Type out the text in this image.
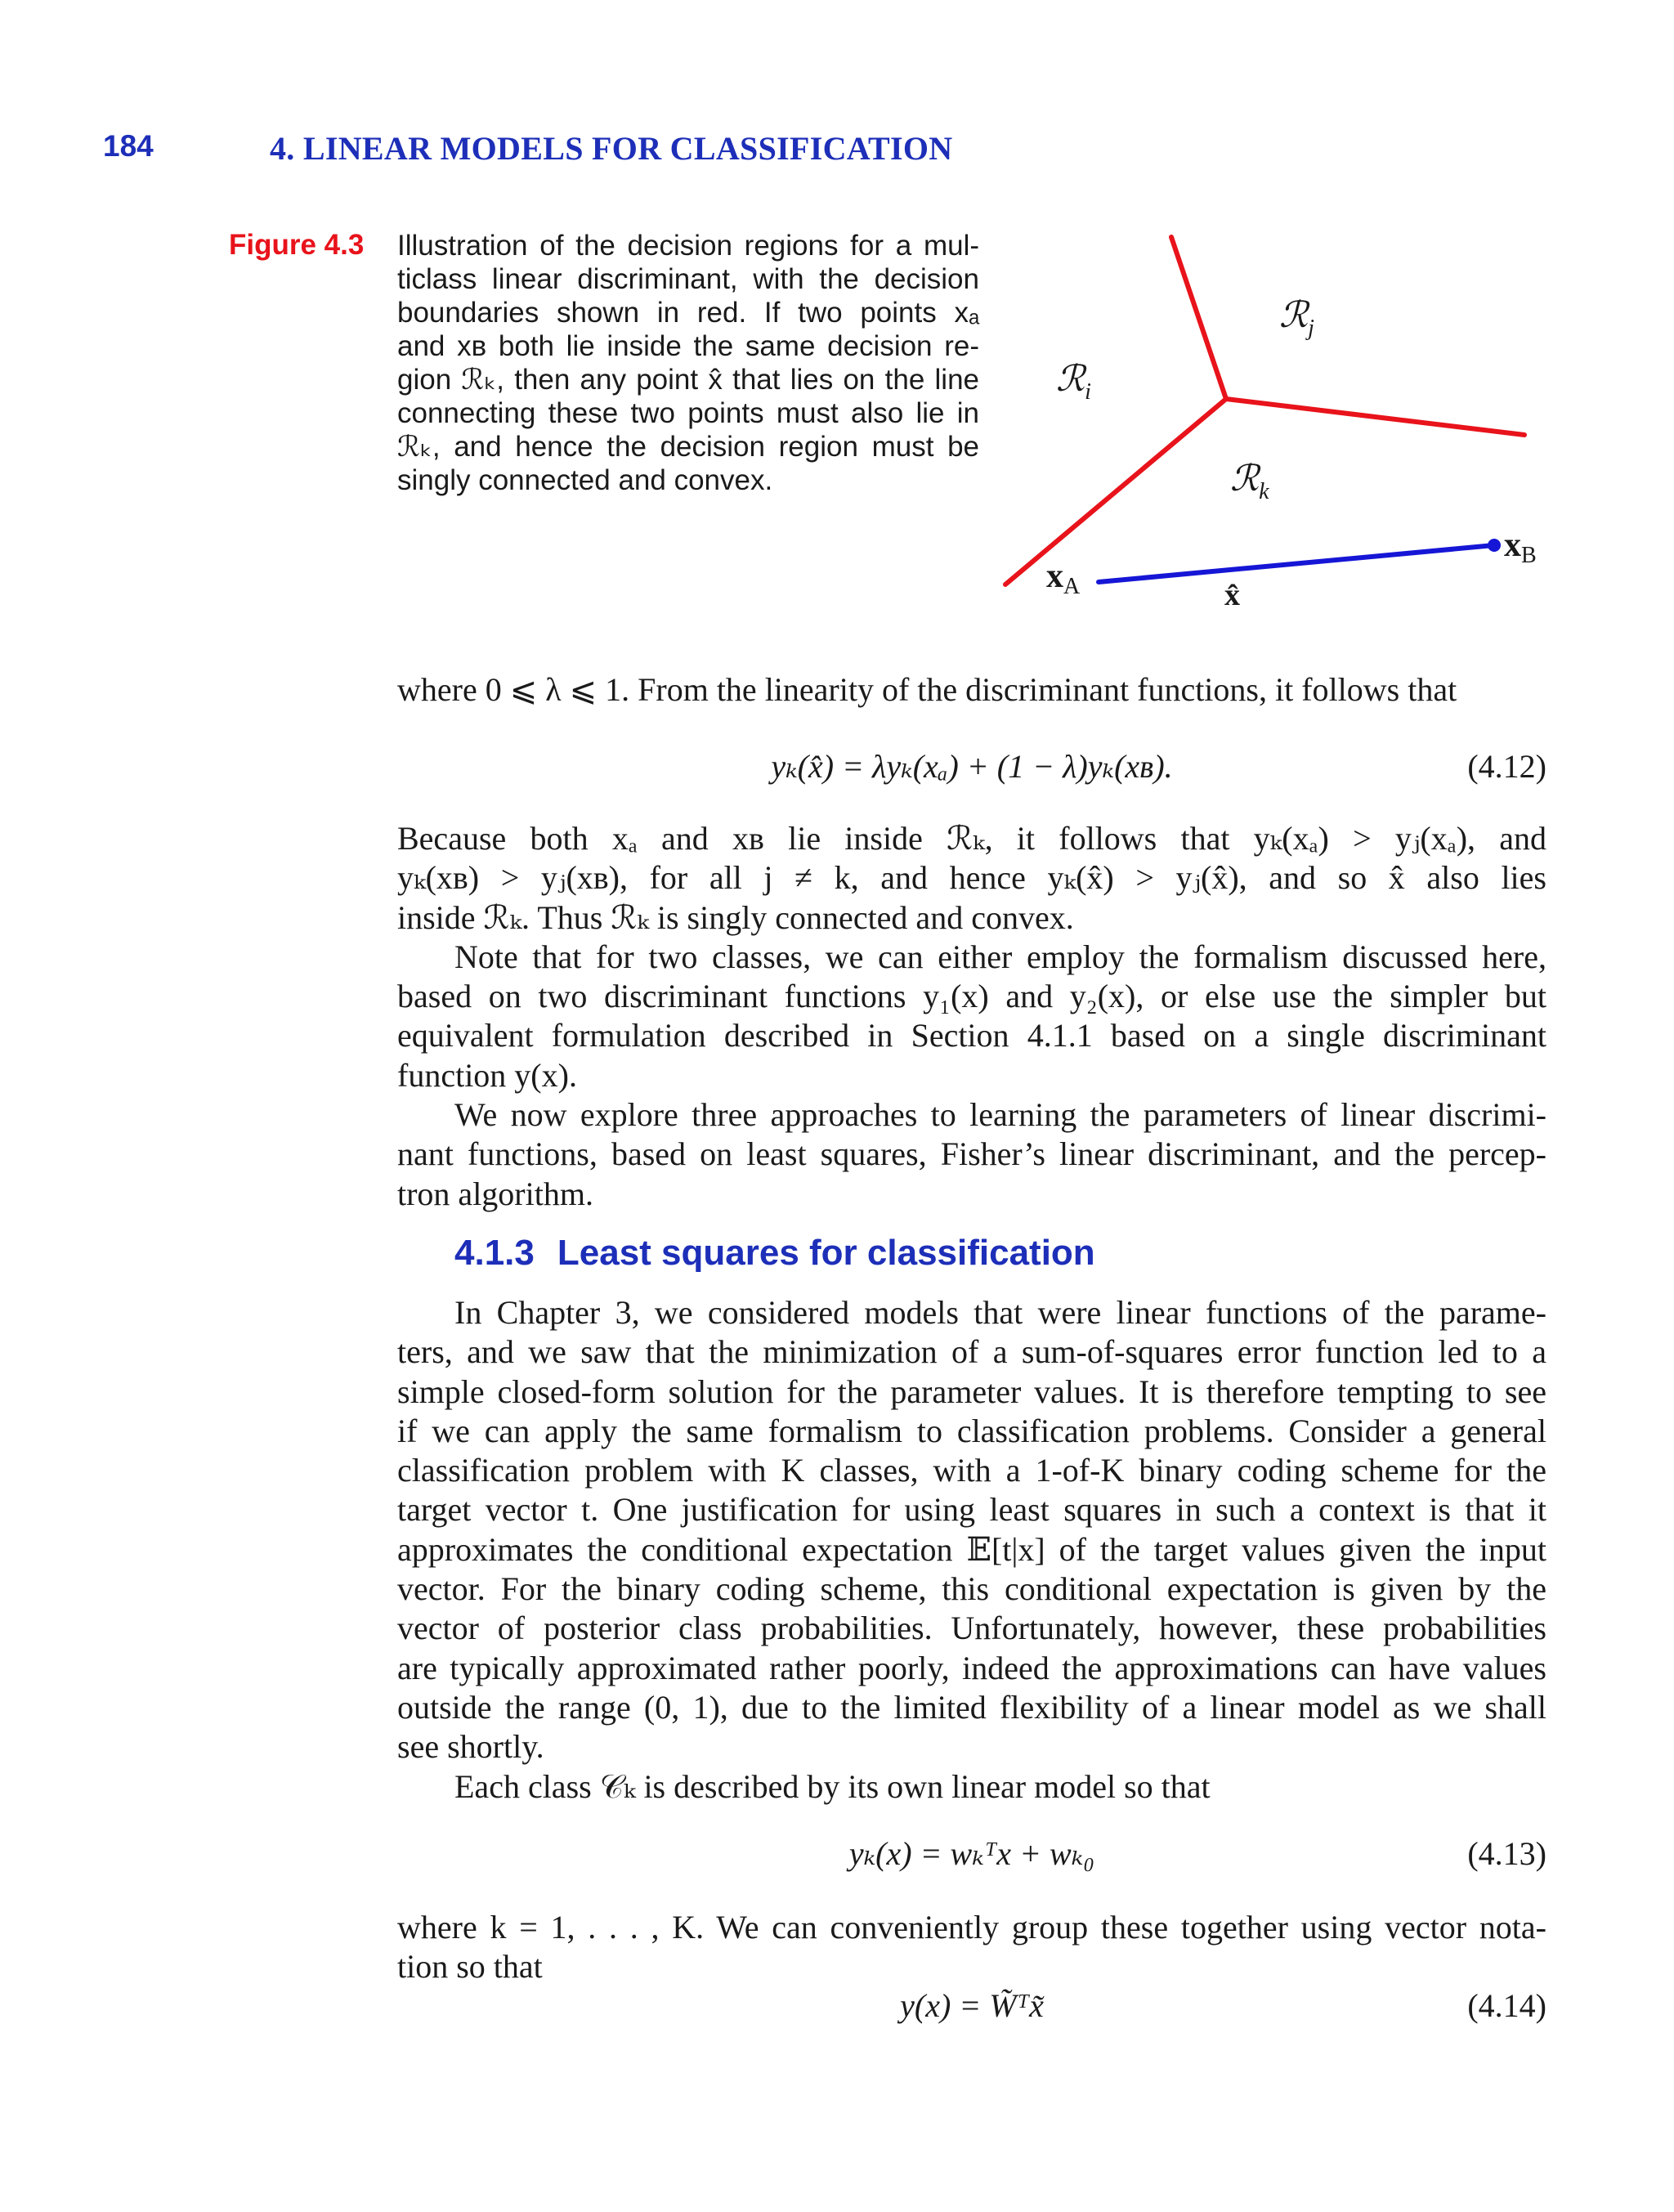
184	4. LINEAR MODELS FOR CLASSIFICATION
Figure 4.3 Illustration of the decision regions for a mul-
ticlass linear discriminant, with the decision
boundaries shown in red. If two points xₐ
and xʙ both lie inside the same decision re-
gion ℛₖ, then any point x̂ that lies on the line
connecting these two points must also lie in
ℛₖ, and hence the decision region must be
singly connected and convex.
ℛ$_i$
ℛ$_j$
ℛ$_k$
xA
xB
x̂
where 0 ⩽ λ ⩽ 1. From the linearity of the discriminant functions, it follows that
yₖ(x̂) = λyₖ(xₐ) + (1 − λ)yₖ(xʙ).	(4.12)
Because both xₐ and xʙ lie inside ℛₖ, it follows that yₖ(xₐ) > yⱼ(xₐ), and
yₖ(xʙ) > yⱼ(xʙ), for all j ≠ k, and hence yₖ(x̂) > yⱼ(x̂), and so x̂ also lies
inside ℛₖ. Thus ℛₖ is singly connected and convex.
Note that for two classes, we can either employ the formalism discussed here,
based on two discriminant functions y₁(x) and y₂(x), or else use the simpler but
equivalent formulation described in Section 4.1.1 based on a single discriminant
function y(x).
We now explore three approaches to learning the parameters of linear discrimi-
nant functions, based on least squares, Fisher’s linear discriminant, and the percep-
tron algorithm.
4.1.3 Least squares for classification
In Chapter 3, we considered models that were linear functions of the parame-
ters, and we saw that the minimization of a sum-of-squares error function led to a
simple closed-form solution for the parameter values. It is therefore tempting to see
if we can apply the same formalism to classification problems. Consider a general
classification problem with K classes, with a 1-of-K binary coding scheme for the
target vector t. One justification for using least squares in such a context is that it
approximates the conditional expectation 𝔼[t|x] of the target values given the input
vector. For the binary coding scheme, this conditional expectation is given by the
vector of posterior class probabilities. Unfortunately, however, these probabilities
are typically approximated rather poorly, indeed the approximations can have values
outside the range (0, 1), due to the limited flexibility of a linear model as we shall
see shortly.
Each class 𝒞ₖ is described by its own linear model so that
yₖ(x) = wₖᵀx + wₖ₀	(4.13)
where k = 1, . . . , K. We can conveniently group these together using vector nota-
tion so that
y(x) = W̃ᵀx̃	(4.14)
